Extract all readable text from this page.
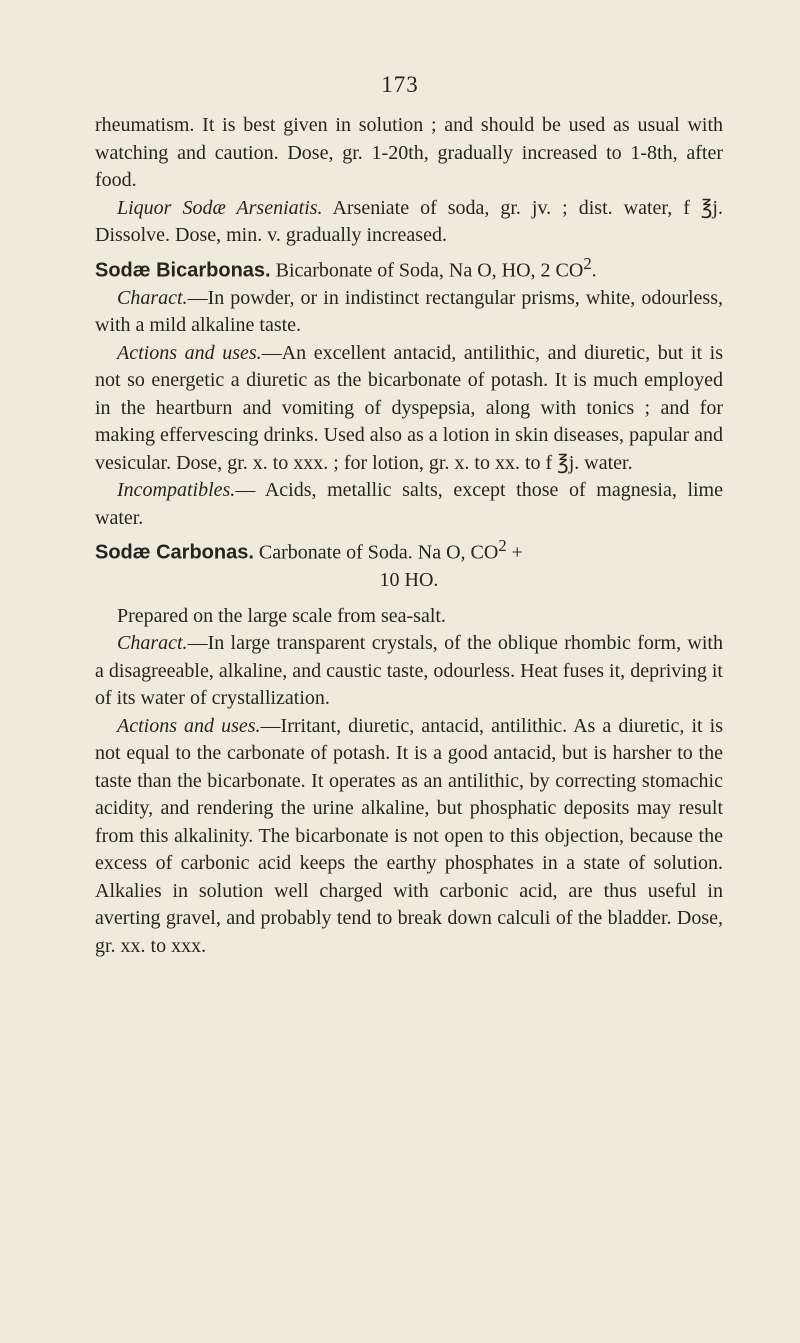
173

rheumatism. It is best given in solution ; and should be used as usual with watching and caution. Dose, gr. 1-20th, gradually increased to 1-8th, after food.

Liquor Sodæ Arseniatis. Arseniate of soda, gr. jv. ; dist. water, f ℥j. Dissolve. Dose, min. v. gradually increased.

Sodæ Bicarbonas. Bicarbonate of Soda, Na O, HO, 2 $CO^2$.

Charact.—In powder, or in indistinct rectangular prisms, white, odourless, with a mild alkaline taste.

Actions and uses.—An excellent antacid, antilithic, and diuretic, but it is not so energetic a diuretic as the bicarbonate of potash. It is much employed in the heartburn and vomiting of dyspepsia, along with tonics ; and for making effervescing drinks. Used also as a lotion in skin diseases, papular and vesicular. Dose, gr. x. to xxx. ; for lotion, gr. x. to xx. to f ℥j. water.

Incompatibles.— Acids, metallic salts, except those of magnesia, lime water.

Sodæ Carbonas. Carbonate of Soda. Na O, $CO^2$ +

10 HO.

Prepared on the large scale from sea-salt.

Charact.—In large transparent crystals, of the oblique rhombic form, with a disagreeable, alkaline, and caustic taste, odourless. Heat fuses it, depriving it of its water of crystallization.

Actions and uses.—Irritant, diuretic, antacid, antilithic. As a diuretic, it is not equal to the carbonate of potash. It is a good antacid, but is harsher to the taste than the bicarbonate. It operates as an antilithic, by correcting stomachic acidity, and rendering the urine alkaline, but phosphatic deposits may result from this alkalinity. The bicarbonate is not open to this objection, because the excess of carbonic acid keeps the earthy phosphates in a state of solution. Alkalies in solution well charged with carbonic acid, are thus useful in averting gravel, and probably tend to break down calculi of the bladder. Dose, gr. xx. to xxx.
